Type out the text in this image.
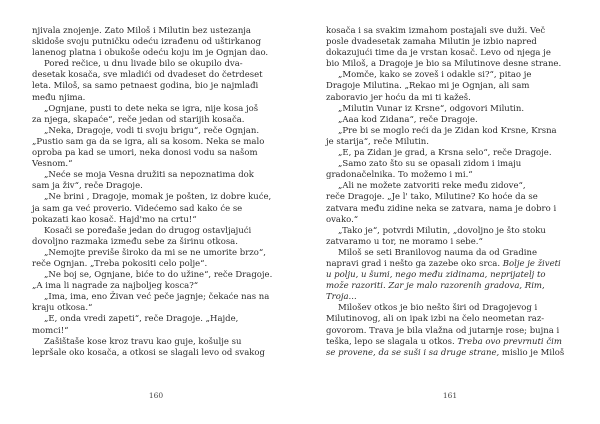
njivala znojenje. Zato Miloš i Milutin bez ustezanja
skidoše svoju putničku odeću izrađenu od uštirkanog
lanenog platna i obukoše odeću koju im je Ognjan dao.
Pored rečice, u dnu livade bilo se okupilo dva-
desetak kosača, sve mladići od dvadeset do četrdeset
leta. Miloš, sa samo petnaest godina, bio je najmlađi
među njima.
„Ognjane, pusti to dete neka se igra, nije kosa još
za njega, skapaće“, reče jedan od starijih kosača.
„Neka, Dragoje, vodi ti svoju brigu“, reče Ognjan.
„Pustio sam ga da se igra, ali sa kosom. Neka se malo
oproba pa kad se umori, neka donosi vodu sa našom
Vesnom.“
„Neće se moja Vesna družiti sa nepoznatima dok
sam ja živ“, reče Dragoje.
„Ne brini , Dragoje, momak je pošten, iz dobre kuće,
ja sam ga već proverio. Videćemo sad kako će se
pokazati kao kosač. Hajd'mo na crtu!“
Kosači se poređaše jedan do drugog ostavljajući
dovoljno razmaka između sebe za širinu otkosa.
„Nemojte previše široko da mi se ne umorite brzo“,
reče Ognjan. „Treba pokositi celo polje“.
„Ne boj se, Ognjane, biće to do užine“, reče Dragoje.
„A ima li nagrade za najboljeg kosca?“
„Ima, ima, eno Živan već peče jagnje; čekaće nas na
kraju otkosa.“
„E, onda vredi zapeti“, reče Dragoje. „Hajde,
momci!“
Zašištaše kose kroz travu kao guje, košulje su
lepršale oko kosača, a otkosi se slagali levo od svakog
160
kosača i sa svakim izmahom postajali sve duži. Več
posle dvadesetak zamaha Milutin je izbio napred
dokazujući time da je vrstan kosač. Levo od njega je
bio Miloš, a Dragoje je bio sa Milutinove desne strane.
„Momče, kako se zoveš i odakle si?“, pitao je
Dragoje Milutina. „Rekao mi je Ognjan, ali sam
zaboravio jer hoću da mi ti kažeš.
„Milutin Vunar iz Krsne“, odgovori Milutin.
„Aaa kod Zidana“, reče Dragoje.
„Pre bi se moglo reći da je Zidan kod Krsne, Krsna
je starija“, reče Milutin.
„E, pa Zidan je grad, a Krsna selo“, reče Dragoje.
„Samo zato što su se opasali zidom i imaju
gradonačelnika. To možemo i mi.“
„Ali ne možete zatvoriti reke među zidove“,
reče Dragoje. „Je l' tako, Milutine? Ko hoće da se
zatvara među zidine neka se zatvara, nama je dobro i
ovako.“
„Tako je“, potvrdi Milutin, „dovoljno je što stoku
zatvaramo u tor, ne moramo i sebe.“
Miloš se seti Branilovog nauma da od Gradine
napravi grad i nešto ga zazebe oko srca. Bolje je živeti
u polju, u šumi, nego među zidinama, neprijatelj to
može razoriti. Zar je malo razorenih gradova, Rim,
Troja...
Milošev otkos je bio nešto širi od Dragojevog i
Milutinovog, ali on ipak izbi na čelo neometan raz-
govorom. Trava je bila vlažna od jutarnje rose; bujna i
teška, lepo se slagala u otkos. Treba ovo prevrnuti čim
se provene, da se suši i sa druge strane, mislio je Miloš
161
